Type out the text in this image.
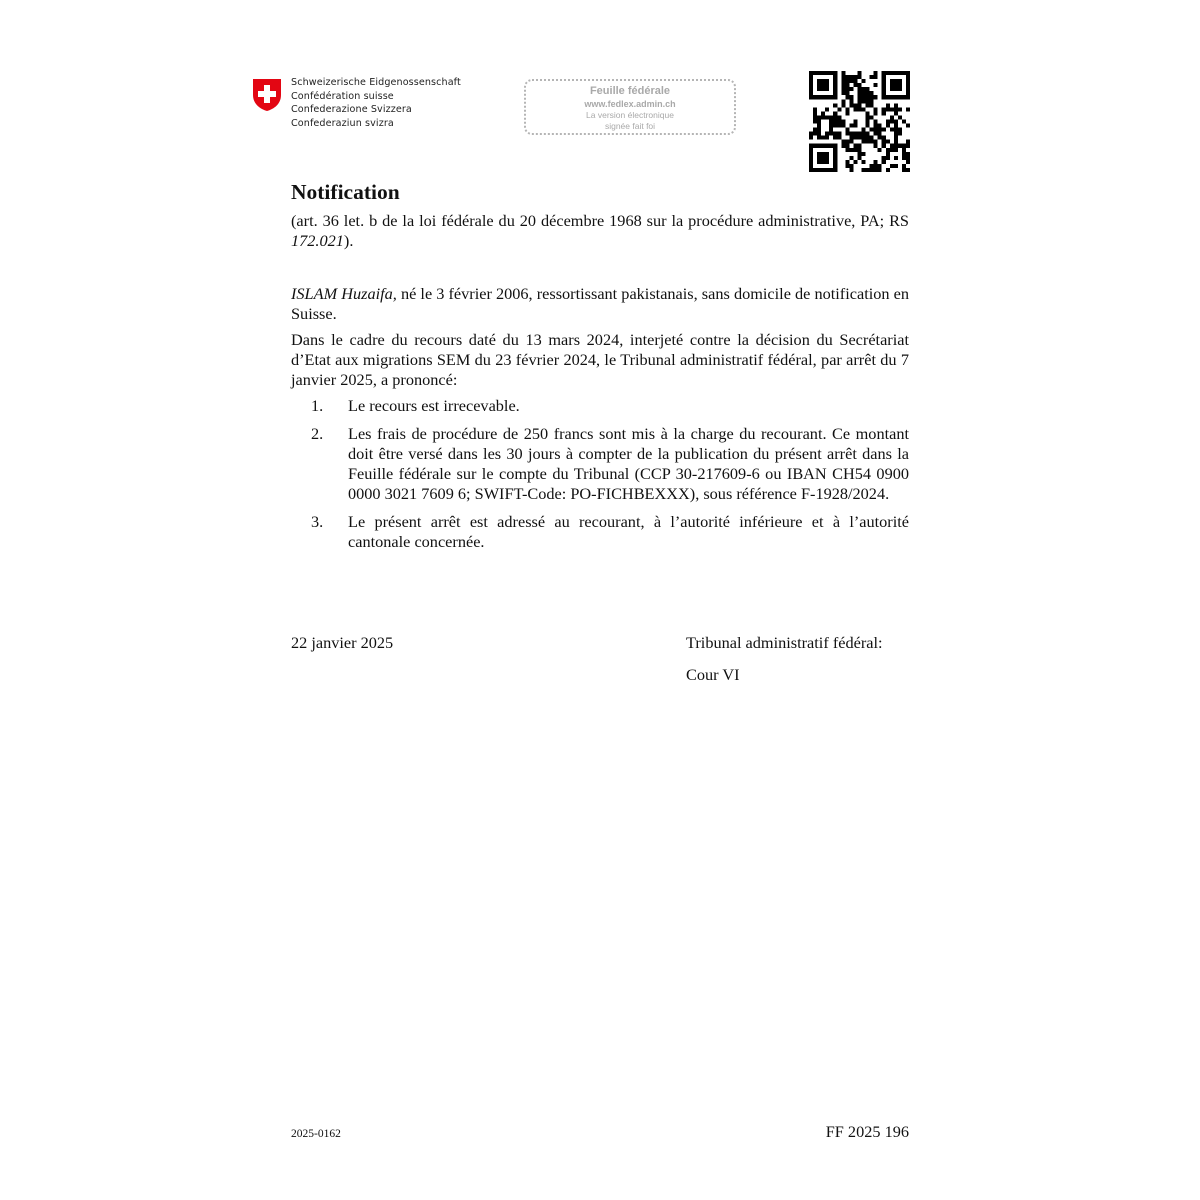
Schweizerische Eidgenossenschaft
Confédération suisse
Confederazione Svizzera
Confederaziun svizra
Feuille fédérale
www.fedlex.admin.ch
La version électronique
signée fait foi
Notification

(art. 36 let. b de la loi fédérale du 20 décembre 1968 sur la procédure administrative, PA; RS 172.021).

ISLAM Huzaifa, né le 3 février 2006, ressortissant pakistanais, sans domicile de notification en Suisse.

Dans le cadre du recours daté du 13 mars 2024, interjeté contre la décision du Secrétariat d’Etat aux migrations SEM du 23 février 2024, le Tribunal administratif fédéral, par arrêt du 7 janvier 2025, a prononcé:

1.	Le recours est irrecevable.
2.	Les frais de procédure de 250 francs sont mis à la charge du recourant. Ce montant doit être versé dans les 30 jours à compter de la publication du présent arrêt dans la Feuille fédérale sur le compte du Tribunal (CCP 30-217609-6 ou IBAN CH54 0900 0000 3021 7609 6; SWIFT-Code: PO-FICHBEXXX), sous référence F-1928/2024.
3.	Le présent arrêt est adressé au recourant, à l’autorité inférieure et à l’autorité cantonale concernée.
22 janvier 2025	Tribunal administratif fédéral:
Cour VI
2025-0162	FF 2025 196
